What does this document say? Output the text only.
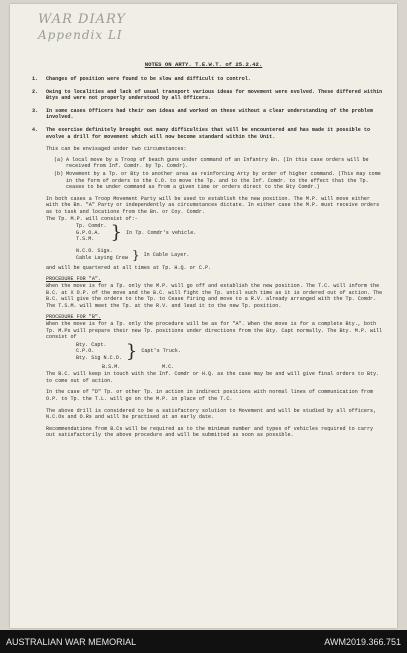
WAR DIARY
Appendix LI
NOTES ON ARTY. T.E.W.T. of 25.2.42.
1.	Changes of position were found to be slow and difficult to control.
2.	Owing to localities and lack of usual transport various ideas for movement were evolved. These differed within Btys and were not properly understood by all Officers.
3.	In some cases Officers had their own ideas and worked on these without a clear understanding of the problem involved.
4.	The exercise definitely brought out many difficulties that will be encountered and has made it possible to evolve a drill for movement which will now become standard within the Unit.
This can be envisaged under two circumstances:
(a) A local move by a Troop of beach guns under command of an Infantry Bn. (In this case orders will be received from Inf. Comdr. by Tp. Comdr).
(b) Movement by a Tp. or Bty to another area as reinforcing Arty by order of higher command. (This may come in the form of orders to the C.O. to move the Tp. and to the Inf. Comdr. to the effect that the Tp. ceases to be under command as from a given time or orders direct to the Bty Comdr.)
In both cases a Troop Movement Party will be used to establish the new position. The M.P. will move either with the Bn. "A" Party or independently as circumstances dictate. In either case the M.P. must receive orders as to task and locations from the Bn. or Coy. Comdr.
The Tp. M.P. will consist of:-
Tp. Comdr.
G.P.O.A.
T.S.M. } In Tp. Comdr's vehicle.
N.C.O. Sigs.
Cable Laying Crew } In Cable Layer.
and will be quartered at all times at Tp. H.Q. or C.P.
PROCEDURE FOR "A".
When the move is for a Tp. only the M.P. will go off and establish the new position. The T.C. will inform the B.C. at X O.P. of the move and the B.C. will fight the Tp. until such time as it is ordered out of action. The B.C. will give the orders to the Tp. to Cease firing and move to a R.V. already arranged with the Tp. Comdr. The T.S.M. will meet the Tp. at the R.V. and lead it to the new Tp. position.
PROCEDURE FOR "B".
When the move is for a Tp. only the procedure will be as for "A". When the move is for a complete Bty., both Tp. M.Ps will prepare their new Tp. positions under directions from the Bty. Capt normally. The Bty. M.P. will consist of
Bty. Capt.
C.P.O.
Bty. Sig N.C.O. } Capt's Truck.
B.S.M.	M.C.
The B.C. will keep in touch with the Inf. Comdr or H.Q. as the case may be and will give final orders to Bty. to come out of action.
In the case of "D" Tp. or other Tp. in action in indirect positions with normal lines of communication from O.P. to Tp. the T.L. will go on the M.P. in place of the T.C.
The above drill is considered to be a satisfactory solution to Movement and will be studied by all officers, N.C.Os and O.Rs and will be practised at an early date.
Recommendations from B.Cs will be required as to the minimum number and types of vehicles required to carry out satisfactorily the above procedure and will be submitted as soon as possible.
AUSTRALIAN WAR MEMORIAL	AWM2019.366.751
